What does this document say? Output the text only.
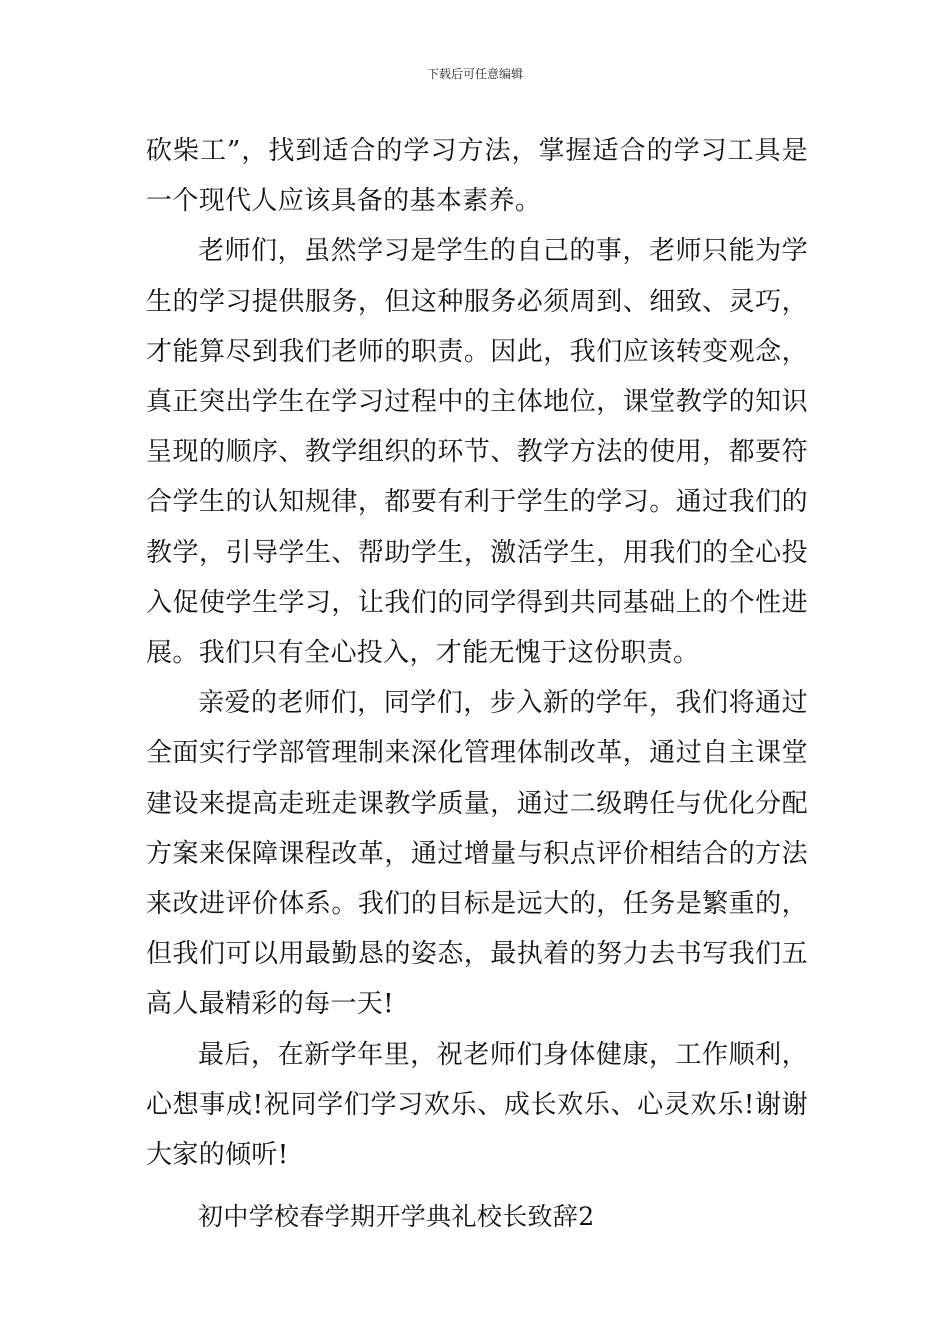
下载后可任意编辑

砍柴工”，找到适合的学习方法，掌握适合的学习工具是一个现代人应该具备的基本素养。

老师们，虽然学习是学生的自己的事，老师只能为学生的学习提供服务，但这种服务必须周到、细致、灵巧，才能算尽到我们老师的职责。因此，我们应该转变观念，真正突出学生在学习过程中的主体地位，课堂教学的知识呈现的顺序、教学组织的环节、教学方法的使用，都要符合学生的认知规律，都要有利于学生的学习。通过我们的教学，引导学生、帮助学生，激活学生，用我们的全心投入促使学生学习，让我们的同学得到共同基础上的个性进展。我们只有全心投入，才能无愧于这份职责。

亲爱的老师们，同学们，步入新的学年，我们将通过全面实行学部管理制来深化管理体制改革，通过自主课堂建设来提高走班走课教学质量，通过二级聘任与优化分配方案来保障课程改革，通过增量与积点评价相结合的方法来改进评价体系。我们的目标是远大的，任务是繁重的，但我们可以用最勤恳的姿态，最执着的努力去书写我们五高人最精彩的每一天!

最后，在新学年里，祝老师们身体健康，工作顺利，心想事成!祝同学们学习欢乐、成长欢乐、心灵欢乐!谢谢大家的倾听!

初中学校春学期开学典礼校长致辞2
